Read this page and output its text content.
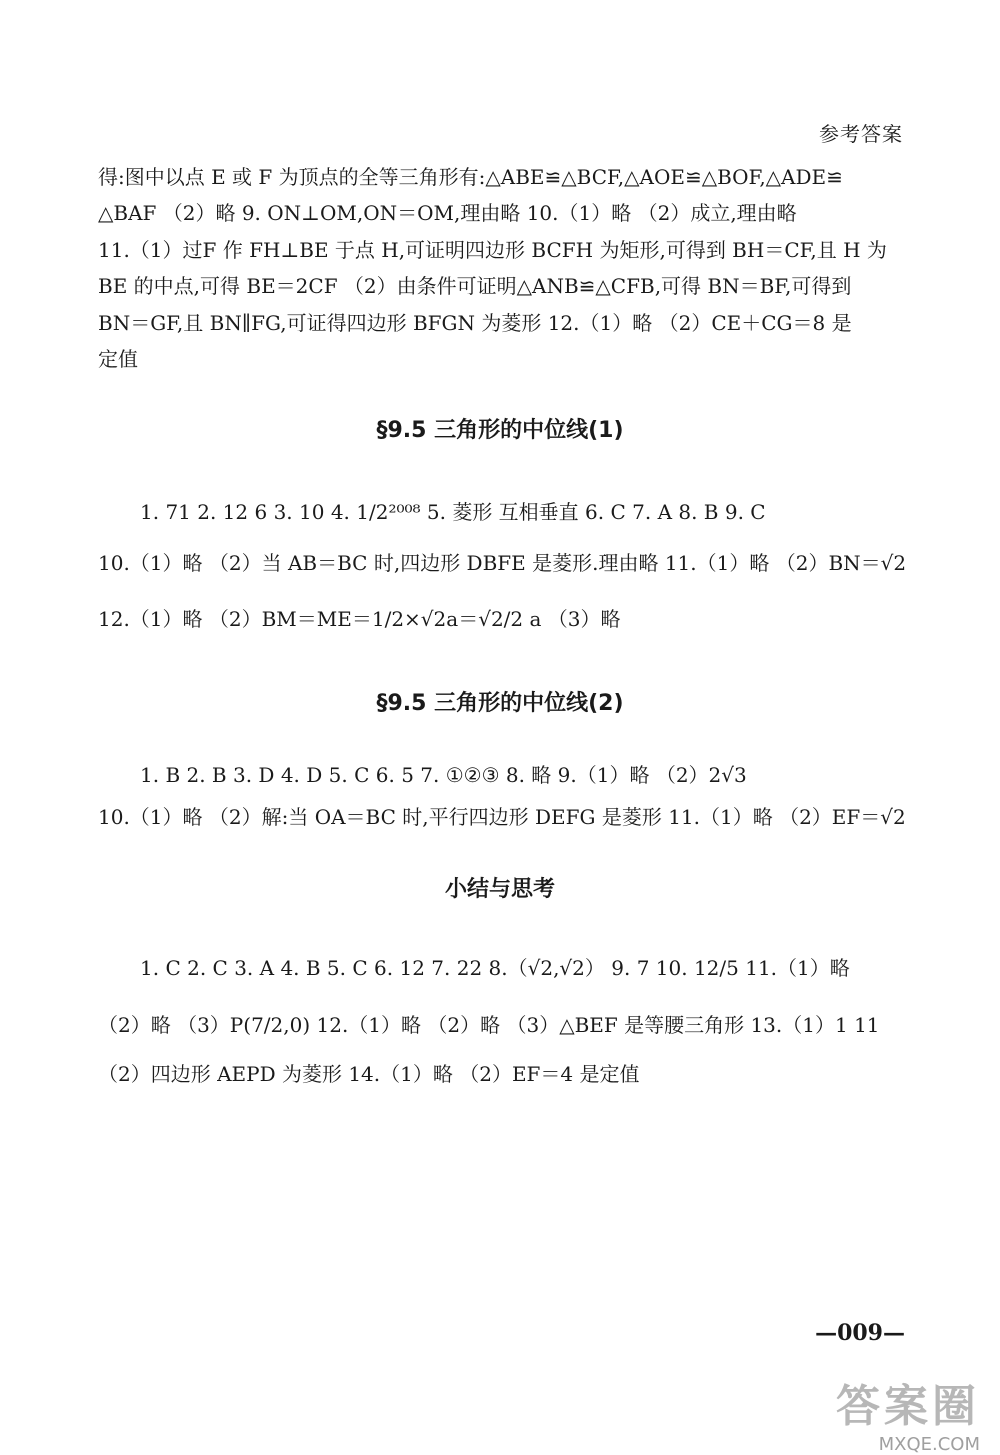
参考答案
得:图中以点 E 或 F 为顶点的全等三角形有:△ABE≌△BCF,△AOE≌△BOF,△ADE≌
△BAF （2）略 9. ON⊥OM,ON＝OM,理由略 10.（1）略 （2）成立,理由略
11.（1）过F 作 FH⊥BE 于点 H,可证明四边形 BCFH 为矩形,可得到 BH＝CF,且 H 为
BE 的中点,可得 BE＝2CF （2）由条件可证明△ANB≌△CFB,可得 BN＝BF,可得到
BN＝GF,且 BN∥FG,可证得四边形 BFGN 为菱形 12.（1）略 （2）CE＋CG＝8 是
定值
§9.5 三角形的中位线(1)
1. 71 2. 12 6 3. 10 4. 1/2²⁰⁰⁸ 5. 菱形 互相垂直 6. C 7. A 8. B 9. C
10.（1）略 （2）当 AB＝BC 时,四边形 DBFE 是菱形.理由略 11.（1）略 （2）BN＝√2
12.（1）略 （2）BM＝ME＝1/2×√2a＝√2/2 a （3）略
§9.5 三角形的中位线(2)
1. B 2. B 3. D 4. D 5. C 6. 5 7. ①②③ 8. 略 9.（1）略 （2）2√3
10.（1）略 （2）解:当 OA＝BC 时,平行四边形 DEFG 是菱形 11.（1）略 （2）EF＝√2
小结与思考
1. C 2. C 3. A 4. B 5. C 6. 12 7. 22 8.（√2,√2） 9. 7 10. 12/5 11.（1）略
（2）略 （3）P(7/2,0) 12.（1）略 （2）略 （3）△BEF 是等腰三角形 13.（1）1 11
（2）四边形 AEPD 为菱形 14.（1）略 （2）EF＝4 是定值
—009—
答案圈
MXQE.COM
